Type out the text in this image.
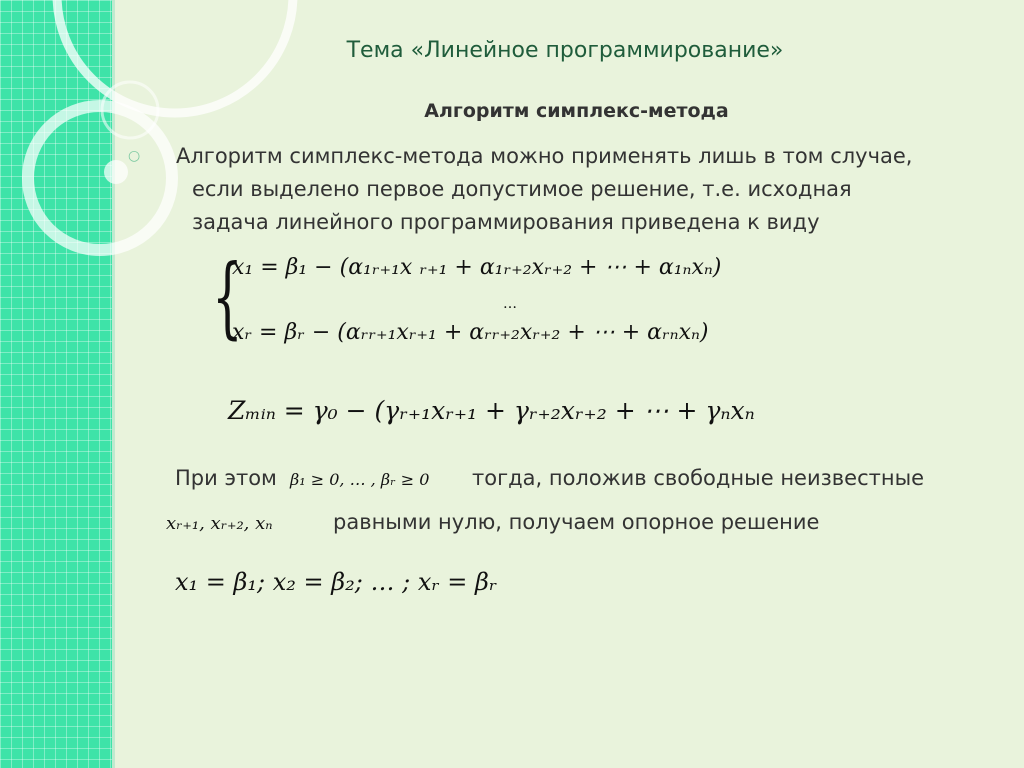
Тема «Линейное программирование»
Алгоритм симплекс-метода
○ Алгоритм симплекс-метода можно применять лишь в том случае,
если выделено первое допустимое решение, т.е. исходная
задача линейного программирования приведена к виду
{
x₁ = β₁ − (α₁ᵣ₊₁x ᵣ₊₁ + α₁ᵣ₊₂xᵣ₊₂ + ⋯ + α₁ₙxₙ)
…
xᵣ = βᵣ − (αᵣᵣ₊₁xᵣ₊₁ + αᵣᵣ₊₂xᵣ₊₂ + ⋯ + αᵣₙxₙ)
Zₘᵢₙ = γ₀ − (γᵣ₊₁xᵣ₊₁ + γᵣ₊₂xᵣ₊₂ + ⋯ + γₙxₙ
При этом β₁ ≥ 0, … , βᵣ ≥ 0 тогда, положив свободные неизвестные
xᵣ₊₁, xᵣ₊₂, xₙ	равными нулю, получаем опорное решение
x₁ = β₁; x₂ = β₂; … ; xᵣ = βᵣ
